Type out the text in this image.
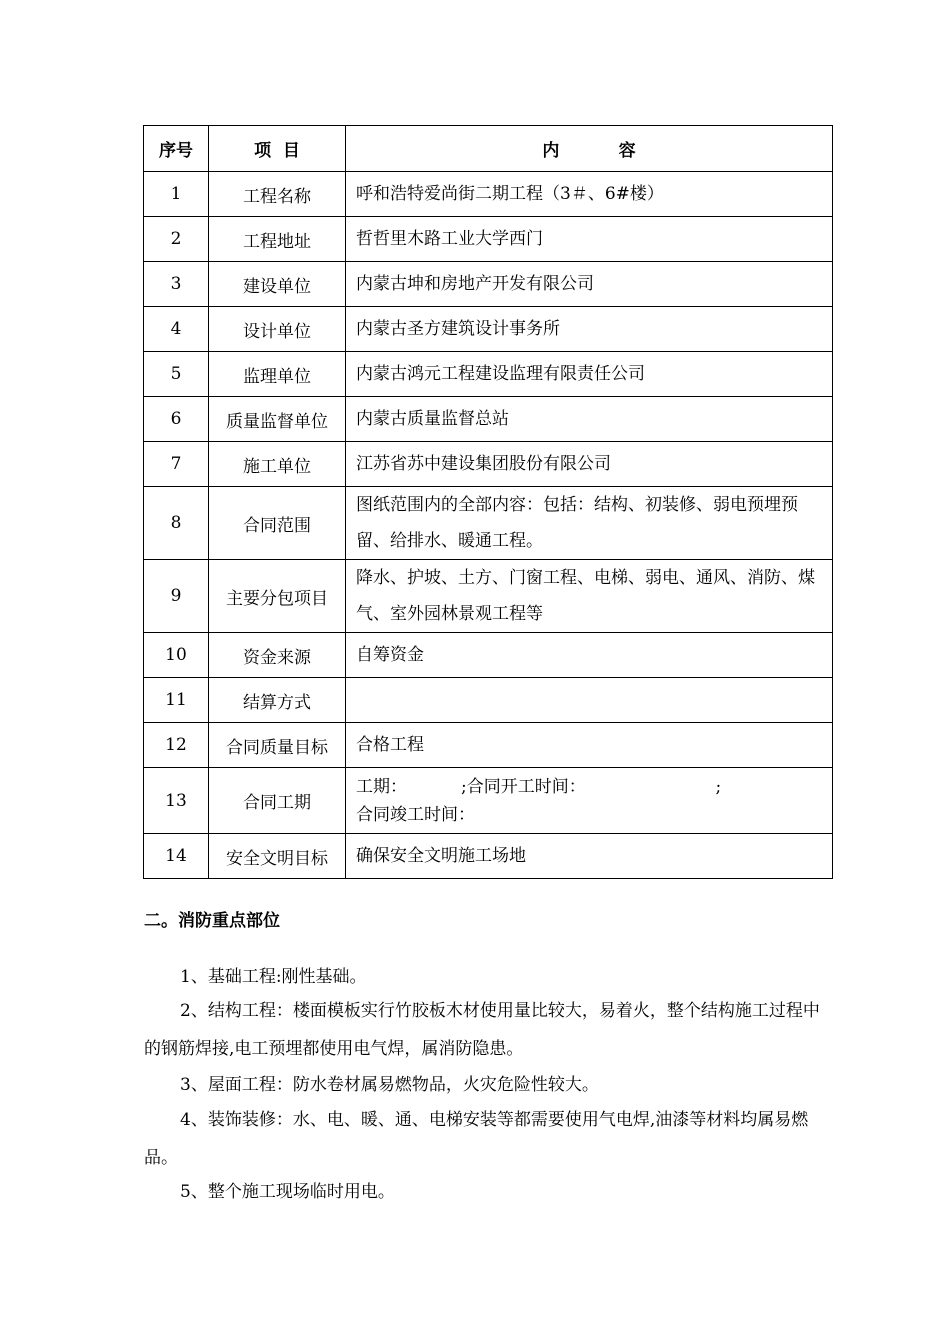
序号	项  目	内          容
1	工程名称	呼和浩特爱尚街二期工程（3＃、6#楼）
2	工程地址	哲哲里木路工业大学西门
3	建设单位	内蒙古坤和房地产开发有限公司
4	设计单位	内蒙古圣方建筑设计事务所
5	监理单位	内蒙古鸿元工程建设监理有限责任公司
6	质量监督单位	内蒙古质量监督总站
7	施工单位	江苏省苏中建设集团股份有限公司
8	合同范围	图纸范围内的全部内容：包括：结构、初装修、弱电预埋预留、给排水、暖通工程。
9	主要分包项目	降水、护坡、土方、门窗工程、电梯、弱电、通风、消防、煤气、室外园林景观工程等
10	资金来源	自筹资金
11	结算方式	
12	合同质量目标	合格工程
13	合同工期	工期：          ;合同开工时间：                        ;
合同竣工时间：

14	安全文明目标	确保安全文明施工场地
二。消防重点部位

1、基础工程:刚性基础。

2、结构工程：楼面模板实行竹胶板木材使用量比较大，易着火，整个结构施工过程中的钢筋焊接,电工预埋都使用电气焊，属消防隐患。

3、屋面工程：防水卷材属易燃物品，火灾危险性较大。

4、装饰装修：水、电、暖、通、电梯安装等都需要使用气电焊,油漆等材料均属易燃品。

5、整个施工现场临时用电。
